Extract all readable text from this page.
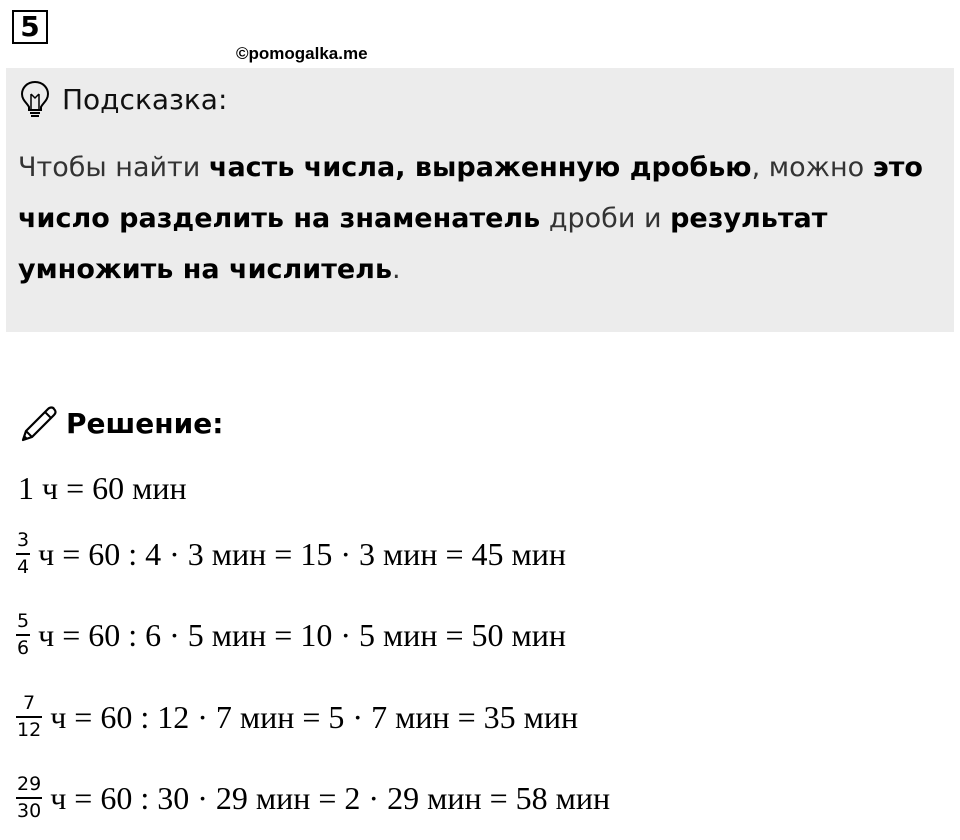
5
©pomogalka.me
Подсказка:
Чтобы найти часть числа, выраженную дробью, можно это число разделить на знаменатель дроби и результат умножить на числитель.
Решение:
1 ч = 60 мин
$\frac{3}{4}$ ч = 60 : 4 · 3 мин = 15 · 3 мин = 45 мин
$\frac{5}{6}$ ч = 60 : 6 · 5 мин = 10 · 5 мин = 50 мин
$\frac{7}{12}$ ч = 60 : 12 · 7 мин = 5 · 7 мин = 35 мин
$\frac{29}{30}$ ч = 60 : 30 · 29 мин = 2 · 29 мин = 58 мин
